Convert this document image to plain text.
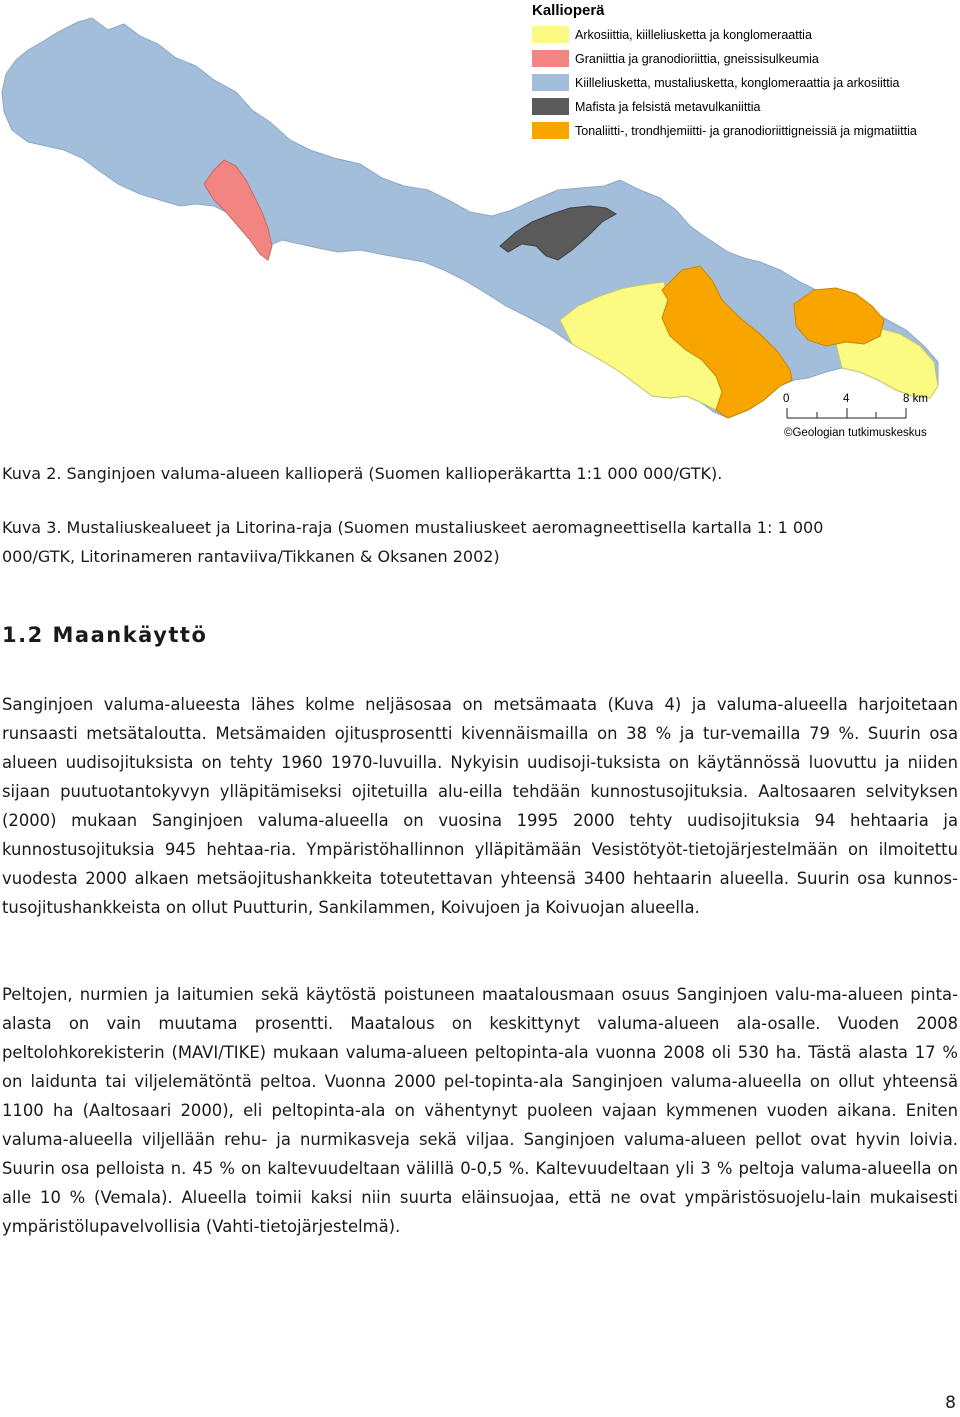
Kallioperä
Arkosiittia, kiilleliusketta ja konglomeraattia
Graniittia ja granodioriittia, gneissisulkeumia
Kiilleliusketta, mustaliusketta, konglomeraattia ja arkosiittia
Mafista ja felsistä metavulkaniittia
Tonaliitti-, trondhjemiitti- ja granodioriittigneissiä ja migmatiittia
0	4	8 km
©Geologian tutkimuskeskus

Kuva 2. Sanginjoen valuma-alueen kallioperä (Suomen kallioperäkartta 1:1 000 000/GTK).

Kuva 3. Mustaliuskealueet ja Litorina-raja (Suomen mustaliuskeet aeromagneettisella kartalla 1: 1 000

000/GTK, Litorinameren rantaviiva/Tikkanen & Oksanen 2002)

1.2 Maankäyttö

Sanginjoen valuma-alueesta lähes kolme neljäsosaa on metsämaata (Kuva 4) ja valuma-alueella harjoitetaan runsaasti metsätaloutta. Metsämaiden ojitusprosentti kivennäismailla on 38 % ja tur-vemailla 79 %. Suurin osa alueen uudisojituksista on tehty 1960 1970-luvuilla. Nykyisin uudisoji-tuksista on käytännössä luovuttu ja niiden sijaan puutuotantokyvyn ylläpitämiseksi ojitetuilla alu-eilla tehdään kunnostusojituksia. Aaltosaaren selvityksen (2000) mukaan Sanginjoen valuma-alueella on vuosina 1995 2000 tehty uudisojituksia 94 hehtaaria ja kunnostusojituksia 945 hehtaa-ria. Ympäristöhallinnon ylläpitämään Vesistötyöt-tietojärjestelmään on ilmoitettu vuodesta 2000 alkaen metsäojitushankkeita toteutettavan yhteensä 3400 hehtaarin alueella. Suurin osa kunnos-tusojitushankkeista on ollut Puutturin, Sankilammen, Koivujoen ja Koivuojan alueella.

Peltojen, nurmien ja laitumien sekä käytöstä poistuneen maatalousmaan osuus Sanginjoen valu-ma-alueen pinta-alasta on vain muutama prosentti. Maatalous on keskittynyt valuma-alueen ala-osalle. Vuoden 2008 peltolohkorekisterin (MAVI/TIKE) mukaan valuma-alueen peltopinta-ala vuonna 2008 oli 530 ha. Tästä alasta 17 % on laidunta tai viljelemätöntä peltoa. Vuonna 2000 pel-topinta-ala Sanginjoen valuma-alueella on ollut yhteensä 1100 ha (Aaltosaari 2000), eli peltopinta-ala on vähentynyt puoleen vajaan kymmenen vuoden aikana. Eniten valuma-alueella viljellään rehu- ja nurmikasveja sekä viljaa. Sanginjoen valuma-alueen pellot ovat hyvin loivia. Suurin osa pelloista n. 45 % on kaltevuudeltaan välillä 0-0,5 %. Kaltevuudeltaan yli 3 % peltoja valuma-alueella on alle 10 % (Vemala). Alueella toimii kaksi niin suurta eläinsuojaa, että ne ovat ympäristösuojelu-lain mukaisesti ympäristölupavelvollisia (Vahti-tietojärjestelmä).

8
